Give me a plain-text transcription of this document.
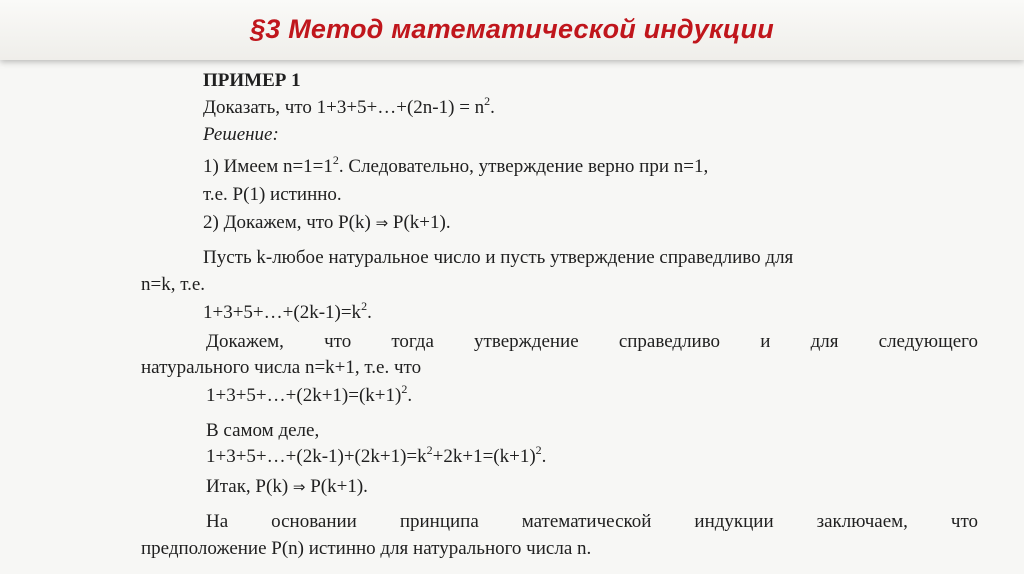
§3 Метод математической индукции
ПРИМЕР 1
Доказать, что 1+3+5+…+(2n-1) = $n^2$.
Решение:
1) Имеем $n=1=1^2$. Следовательно, утверждение верно при n=1,
т.е. P(1) истинно.
2) Докажем, что P(k) ⇒ P(k+1).
Пусть k-любое натуральное число и пусть утверждение справедливо для
n=k, т.е.
$1+3+5+\dots+(2k-1)=k^2$.
Докажем, что тогда утверждение справедливо и для следующего
натурального числа n=k+1, т.е. что
$1+3+5+\dots+(2k+1)=(k+1)^2$.
В самом деле,
$1+3+5+\dots+(2k-1)+(2k+1)=k^2+2k+1=(k+1)^2$.
Итак, P(k) ⇒ P(k+1).
На основании принципа математической индукции заключаем, что
предположение P(n) истинно для натурального числа n.
